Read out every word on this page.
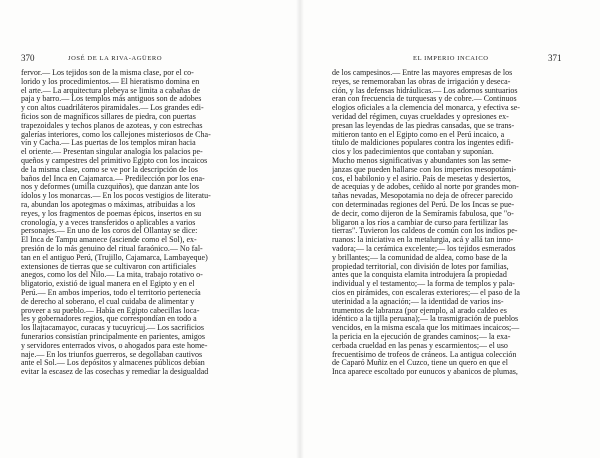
370	JOSÉ DE LA RIVA-AGÜERO
fervor.— Los tejidos son de la misma clase, por el co-
lorido y los procedimientos.— El hieratismo domina en
el arte.— La arquitectura plebeya se limita a cabañas de
paja y barro.— Los templos más antiguos son de adobes
y con altos cuadriláteros piramidales.— Los grandes edi-
ficios son de magníficos sillares de piedra, con puertas
trapezoidales y techos planos de azoteas, y con estrechas
galerías interiores, como los callejones misteriosos de Cha-
vín y Cacha.— Las puertas de los templos miran hacia
el oriente.— Presentan singular analogía los palacios pe-
queños y campestres del primitivo Egipto con los incaicos
de la misma clase, como se ve por la descripción de los
baños del Inca en Cajamarca.— Predilección por los ena-
nos y deformes (umilla cuzquiños), que danzan ante los
ídolos y los monarcas.— En los pocos vestigios de literatu-
ra, abundan los apotegmas o máximas, atribuidas a los
reyes, y los fragmentos de poemas épicos, insertos en su
cronología, y a veces transferidos o aplicables a varios
personajes.— En uno de los coros del Ollantay se dice:
El Inca de Tampu amanece (asciende como el Sol), ex-
presión de lo más genuino del ritual faraónico.— No fal-
tan en el antiguo Perú, (Trujillo, Cajamarca, Lambayeque)
extensiones de tierras que se cultivaron con artificiales
anegos, como los del Nilo.— La mita, trabajo rotativo o-
bligatorio, existió de igual manera en el Egipto y en el
Perú.— En ambos imperios, todo el territorio pertenecía
de derecho al soberano, el cual cuidaba de alimentar y
proveer a su pueblo.— Había en Egipto cabecillas loca-
les y gobernadores regios, que correspondían en todo a
los llajtacamayoc, curacas y tucuyricuj.— Los sacrificios
funerarios consistían principalmente en parientes, amigos
y servidores enterrados vivos, o ahogados para este home-
naje.— En los triunfos guerreros, se degollaban cautivos
ante el Sol.— Los depósitos y almacenes públicos debían
evitar la escasez de las cosechas y remediar la desigualdad
EL IMPERIO INCAICO	371
de los campesinos.— Entre las mayores empresas de los
reyes, se rememoraban las obras de irrigación y deseca-
ción, y las defensas hidráulicas.— Los adornos suntuarios
eran con frecuencia de turquesas y de cobre.— Continuos
elogios oficiales a la clemencia del monarca, y efectiva se-
veridad del régimen, cuyas crueldades y opresiones ex-
presan las leyendas de las piedras cansadas, que se trans-
mitieron tanto en el Egipto como en el Perú incaico, a
título de maldiciones populares contra los ingentes edifi-
cios y los padecimientos que contaban y suponían.
Mucho menos significativas y abundantes son las seme-
janzas que pueden hallarse con los imperios mesopotámi-
cos, el babilonio y el asirio. País de mesetas y desiertos,
de acequias y de adobes, ceñido al norte por grandes mon-
tañas nevadas, Mesopotamia no deja de ofrecer parecido
con determinadas regiones del Perú. De los Incas se pue-
de decir, como dijeron de la Semíramis fabulosa, que "o-
bligaron a los ríos a cambiar de curso para fertilizar las
tierras". Tuvieron los caldeos de común con los indios pe-
ruanos: la iniciativa en la metalurgia, acá y allá tan inno-
vadora;— la cerámica excelente;— los tejidos esmerados
y brillantes;— la comunidad de aldea, como base de la
propiedad territorial, con división de lotes por familias,
antes que la conquista elamita introdujera la propiedad
individual y el testamento;— la forma de templos y pala-
cios en pirámides, con escaleras exteriores;— el paso de la
uterinidad a la agnación;— la identidad de varios ins-
trumentos de labranza (por ejemplo, al arado caldeo es
idéntico a la tijlla peruana);— la trasmigración de pueblos
vencidos, en la misma escala que los mitimaes incaicos;—
la pericia en la ejecución de grandes caminos;— la exa-
cerbada crueldad en las penas y escarmientos;— el uso
frecuentísimo de trofeos de cráneos. La antigua colección
de Caparó Muñiz en el Cuzco, tiene un quero en que el
Inca aparece escoltado por eunucos y abanicos de plumas,
